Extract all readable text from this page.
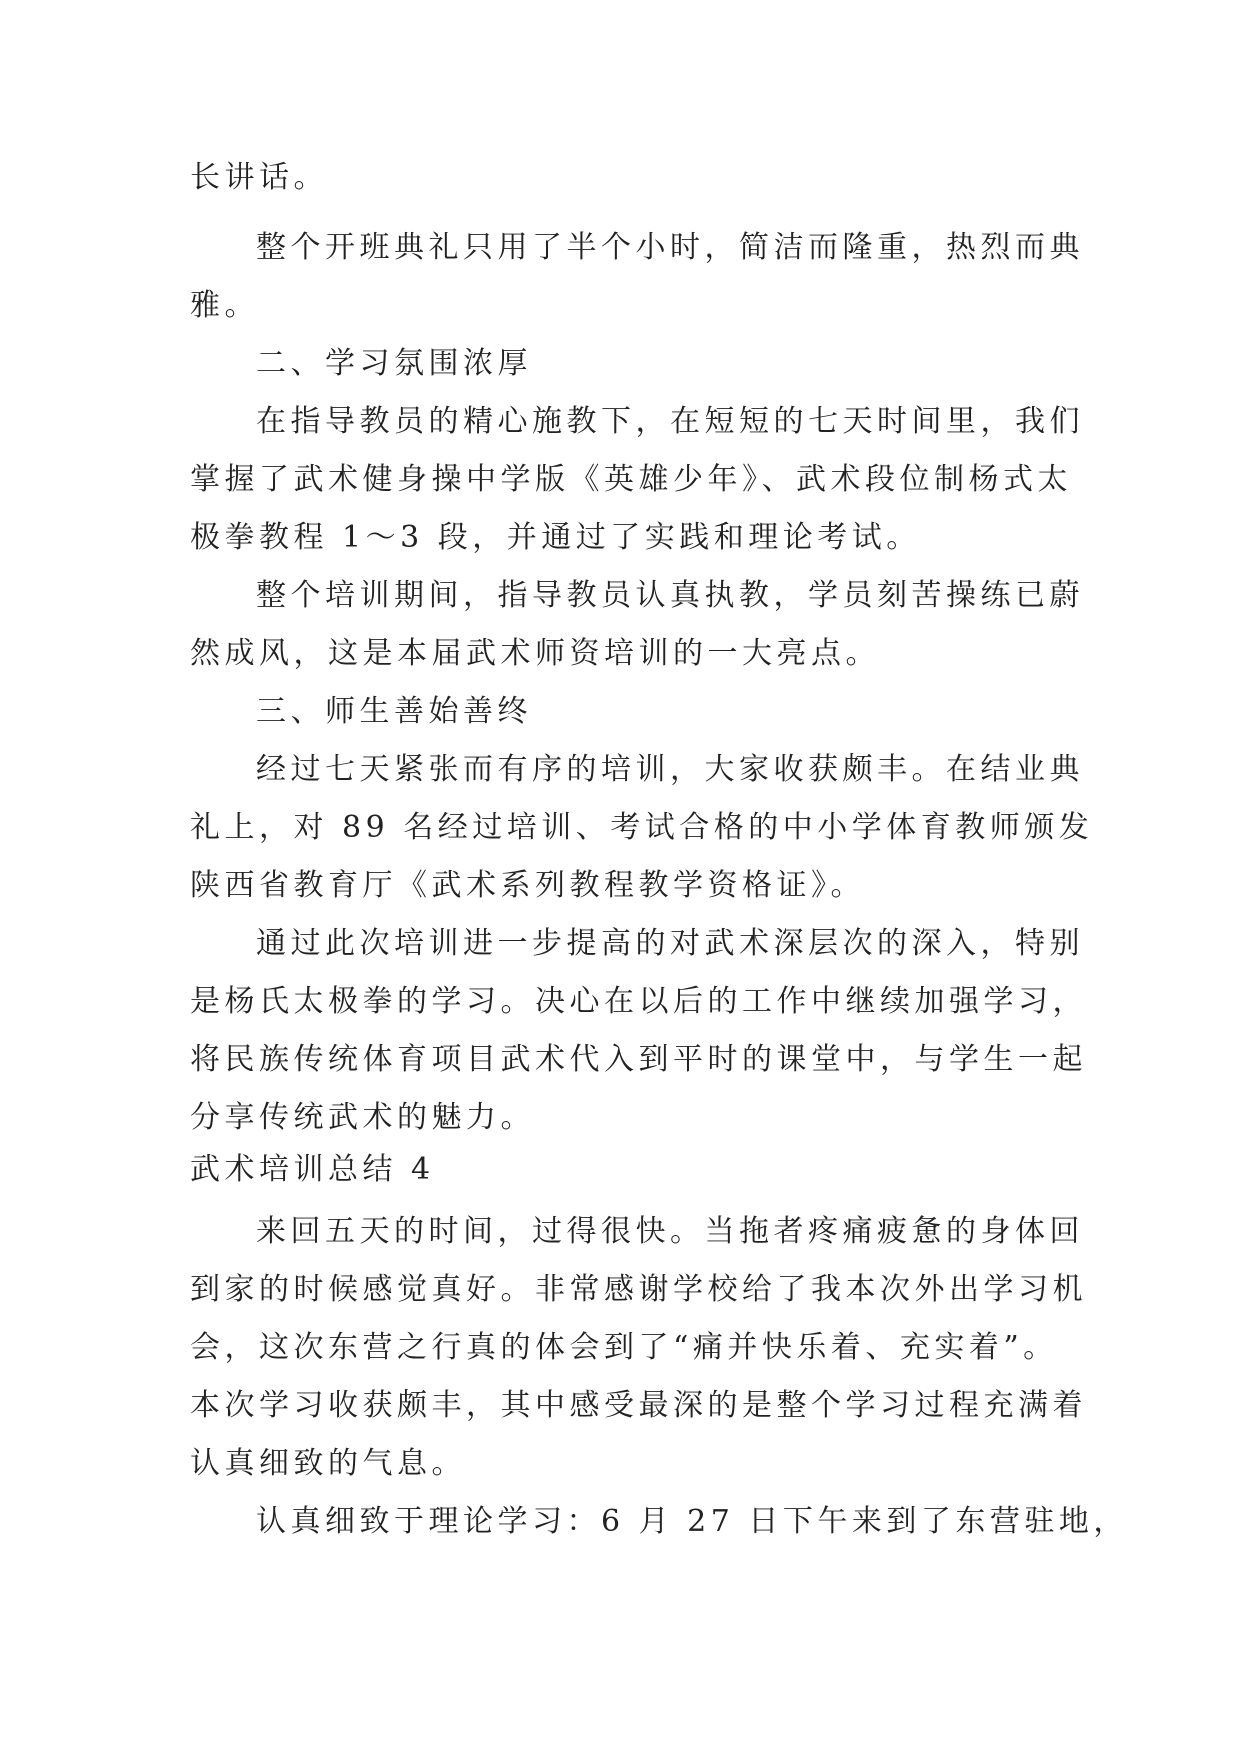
长讲话。
整个开班典礼只用了半个小时，简洁而隆重，热烈而典
雅。
二、学习氛围浓厚
在指导教员的精心施教下，在短短的七天时间里，我们
掌握了武术健身操中学版《英雄少年》、武术段位制杨式太
极拳教程 1～3 段，并通过了实践和理论考试。
整个培训期间，指导教员认真执教，学员刻苦操练已蔚
然成风，这是本届武术师资培训的一大亮点。
三、师生善始善终
经过七天紧张而有序的培训，大家收获颇丰。在结业典
礼上，对 89 名经过培训、考试合格的中小学体育教师颁发
陕西省教育厅《武术系列教程教学资格证》。
通过此次培训进一步提高的对武术深层次的深入，特别
是杨氏太极拳的学习。决心在以后的工作中继续加强学习，
将民族传统体育项目武术代入到平时的课堂中，与学生一起
分享传统武术的魅力。
武术培训总结 4
来回五天的时间，过得很快。当拖者疼痛疲惫的身体回
到家的时候感觉真好。非常感谢学校给了我本次外出学习机
会，这次东营之行真的体会到了“痛并快乐着、充实着”。
本次学习收获颇丰，其中感受最深的是整个学习过程充满着
认真细致的气息。
认真细致于理论学习：6 月 27 日下午来到了东营驻地，
